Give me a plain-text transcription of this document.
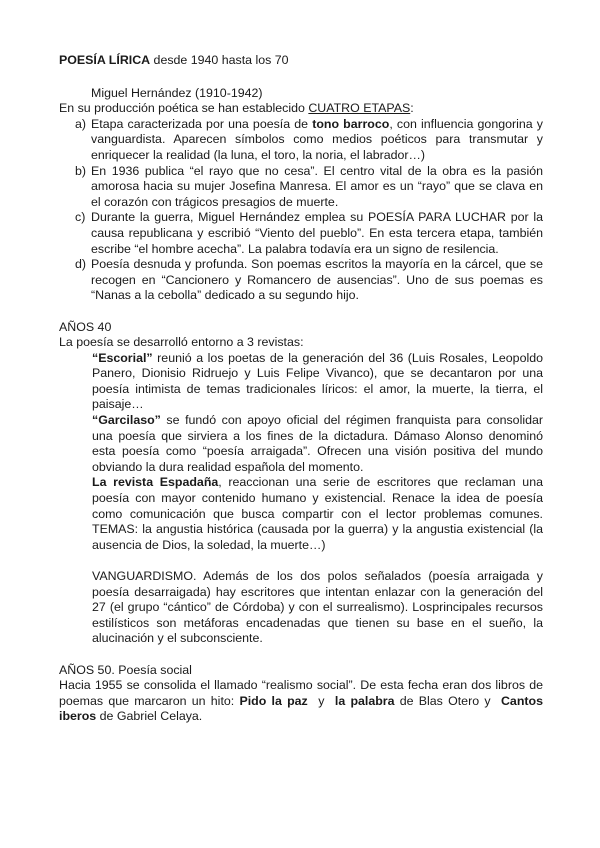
POESÍA LÍRICA desde 1940 hasta los 70

Miguel Hernández (1910-1942)

En su producción poética se han establecido CUATRO ETAPAS:

a) Etapa caracterizada por una poesía de tono barroco, con influencia gongorina y vanguardista. Aparecen símbolos como medios poéticos para transmutar y enriquecer la realidad (la luna, el toro, la noria, el labrador…)
b) En 1936 publica “el rayo que no cesa”. El centro vital de la obra es la pasión amorosa hacia su mujer Josefina Manresa. El amor es un “rayo” que se clava en el corazón con trágicos presagios de muerte.
c) Durante la guerra, Miguel Hernández emplea su POESÍA PARA LUCHAR por la causa republicana y escribió “Viento del pueblo”. En esta tercera etapa, también escribe “el hombre acecha”. La palabra todavía era un signo de resilencia.
d) Poesía desnuda y profunda. Son poemas escritos la mayoría en la cárcel, que se recogen en “Cancionero y Romancero de ausencias”. Uno de sus poemas es “Nanas a la cebolla” dedicado a su segundo hijo.

AÑOS 40

La poesía se desarrolló entorno a 3 revistas:

“Escorial” reunió a los poetas de la generación del 36 (Luis Rosales, Leopoldo Panero, Dionisio Ridruejo y Luis Felipe Vivanco), que se decantaron por una poesía intimista de temas tradicionales líricos: el amor, la muerte, la tierra, el paisaje…

“Garcilaso” se fundó con apoyo oficial del régimen franquista para consolidar una poesía que sirviera a los fines de la dictadura. Dámaso Alonso denominó esta poesía como “poesía arraigada”. Ofrecen una visión positiva del mundo obviando la dura realidad española del momento.

La revista Espadaña, reaccionan una serie de escritores que reclaman una poesía con mayor contenido humano y existencial. Renace la idea de poesía como comunicación que busca compartir con el lector problemas comunes. TEMAS: la angustia histórica (causada por la guerra) y la angustia existencial (la ausencia de Dios, la soledad, la muerte…)

VANGUARDISMO. Además de los dos polos señalados (poesía arraigada y poesía desarraigada) hay escritores que intentan enlazar con la generación del 27 (el grupo “cántico” de Córdoba) y con el surrealismo). Losprincipales recursos estilísticos son metáforas encadenadas que tienen su base en el sueño, la alucinación y el subconsciente.

AÑOS 50. Poesía social

Hacia 1955 se consolida el llamado “realismo social”. De esta fecha eran dos libros de poemas que marcaron un hito: Pido la paz  y  la palabra de Blas Otero y  Cantos iberos de Gabriel Celaya.
